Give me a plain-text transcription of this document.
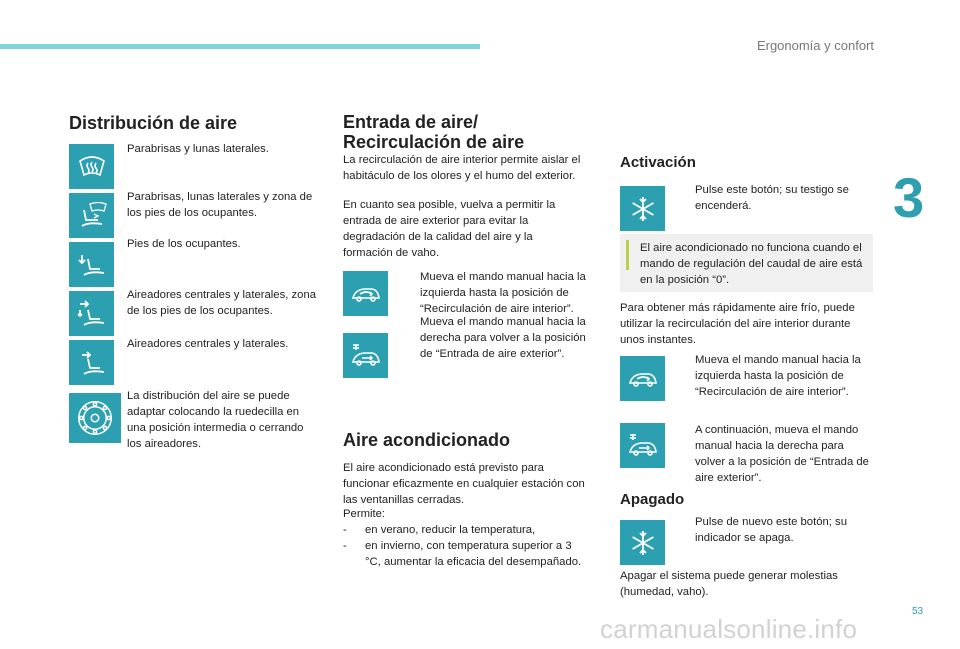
Ergonomía y confort
3
Distribución de aire
Parabrisas y lunas laterales.
Parabrisas, lunas laterales y zona de los pies de los ocupantes.
Pies de los ocupantes.
Aireadores centrales y laterales, zona de los pies de los ocupantes.
Aireadores centrales y laterales.
La distribución del aire se puede adaptar colocando la ruedecilla en una posición intermedia o cerrando los aireadores.
Entrada de aire/
Recirculación de aire
La recirculación de aire interior permite aislar el habitáculo de los olores y el humo del exterior.
En cuanto sea posible, vuelva a permitir la entrada de aire exterior para evitar la degradación de la calidad del aire y la formación de vaho.
Mueva el mando manual hacia la izquierda hasta la posición de “Recirculación de aire interior”.
Mueva el mando manual hacia la derecha para volver a la posición de “Entrada de aire exterior”.
Aire acondicionado
El aire acondicionado está previsto para funcionar eficazmente en cualquier estación con las ventanillas cerradas.
Permite:
- en verano, reducir la temperatura,
- en invierno, con temperatura superior a 3 °C, aumentar la eficacia del desempañado.
Activación
Pulse este botón; su testigo se encenderá.
El aire acondicionado no funciona cuando el mando de regulación del caudal de aire está en la posición “0”.
Para obtener más rápidamente aire frío, puede utilizar la recirculación del aire interior durante unos instantes.
Mueva el mando manual hacia la izquierda hasta la posición de “Recirculación de aire interior”.
A continuación, mueva el mando manual hacia la derecha para volver a la posición de “Entrada de aire exterior”.
Apagado
Pulse de nuevo este botón; su indicador se apaga.
Apagar el sistema puede generar molestias (humedad, vaho).
carmanualsonline.info
53
